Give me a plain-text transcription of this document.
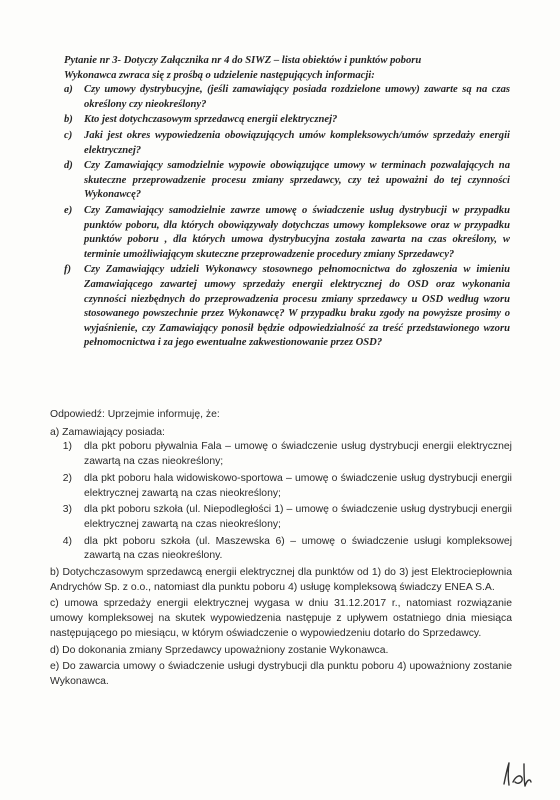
Pytanie nr 3- Dotyczy Załącznika nr 4 do SIWZ – lista obiektów i punktów poboru

Wykonawca zwraca się z prośbą o udzielenie następujących informacji:

a)	Czy umowy dystrybucyjne, (jeśli zamawiający posiada rozdzielone umowy) zawarte są na czas określony czy nieokreślony?
b)	Kto jest dotychczasowym sprzedawcą energii elektrycznej?
c)	Jaki jest okres wypowiedzenia obowiązujących umów kompleksowych/umów sprzedaży energii elektrycznej?
d)	Czy Zamawiający samodzielnie wypowie obowiązujące umowy w terminach pozwalających na skuteczne przeprowadzenie procesu zmiany sprzedawcy, czy też upoważni do tej czynności Wykonawcę?
e)	Czy Zamawiający samodzielnie zawrze umowę o świadczenie usług dystrybucji w przypadku punktów poboru, dla których obowiązywały dotychczas umowy kompleksowe oraz w przypadku punktów poboru , dla których umowa dystrybucyjna została zawarta na czas określony, w terminie umożliwiającym skuteczne przeprowadzenie procedury zmiany Sprzedawcy?
f)	Czy Zamawiający udzieli Wykonawcy stosownego pełnomocnictwa do zgłoszenia w imieniu Zamawiającego zawartej umowy sprzedaży energii elektrycznej do OSD oraz wykonania czynności niezbędnych do przeprowadzenia procesu zmiany sprzedawcy u OSD według wzoru stosowanego powszechnie przez Wykonawcę? W przypadku braku zgody na powyższe prosimy o wyjaśnienie, czy Zamawiający ponosił będzie odpowiedzialność za treść przedstawionego wzoru pełnomocnictwa i za jego ewentualne zakwestionowanie przez OSD?

Odpowiedź: Uprzejmie informuję, że:

a) Zamawiający posiada:

1)	dla pkt poboru pływalnia Fala – umowę o świadczenie usług dystrybucji energii elektrycznej zawartą na czas nieokreślony;
2)	dla pkt poboru hala widowiskowo-sportowa – umowę o świadczenie usług dystrybucji energii elektrycznej zawartą na czas nieokreślony;
3)	dla pkt poboru szkoła (ul. Niepodległości 1) – umowę o świadczenie usług dystrybucji energii elektrycznej zawartą na czas nieokreślony;
4)	dla pkt poboru szkoła (ul. Maszewska 6) – umowę o świadczenie usługi kompleksowej zawartą na czas nieokreślony.

b) Dotychczasowym sprzedawcą energii elektrycznej dla punktów od 1) do 3) jest Elektrociepłownia Andrychów Sp. z o.o., natomiast dla punktu poboru 4) usługę kompleksową świadczy ENEA S.A.

c) umowa sprzedaży energii elektrycznej wygasa w dniu 31.12.2017 r., natomiast rozwiązanie umowy kompleksowej na skutek wypowiedzenia następuje z upływem ostatniego dnia miesiąca następującego po miesiącu, w którym oświadczenie o wypowiedzeniu dotarło do Sprzedawcy.

d) Do dokonania zmiany Sprzedawcy upoważniony zostanie Wykonawca.

e) Do zawarcia umowy o świadczenie usługi dystrybucji dla punktu poboru 4) upoważniony zostanie Wykonawca.
